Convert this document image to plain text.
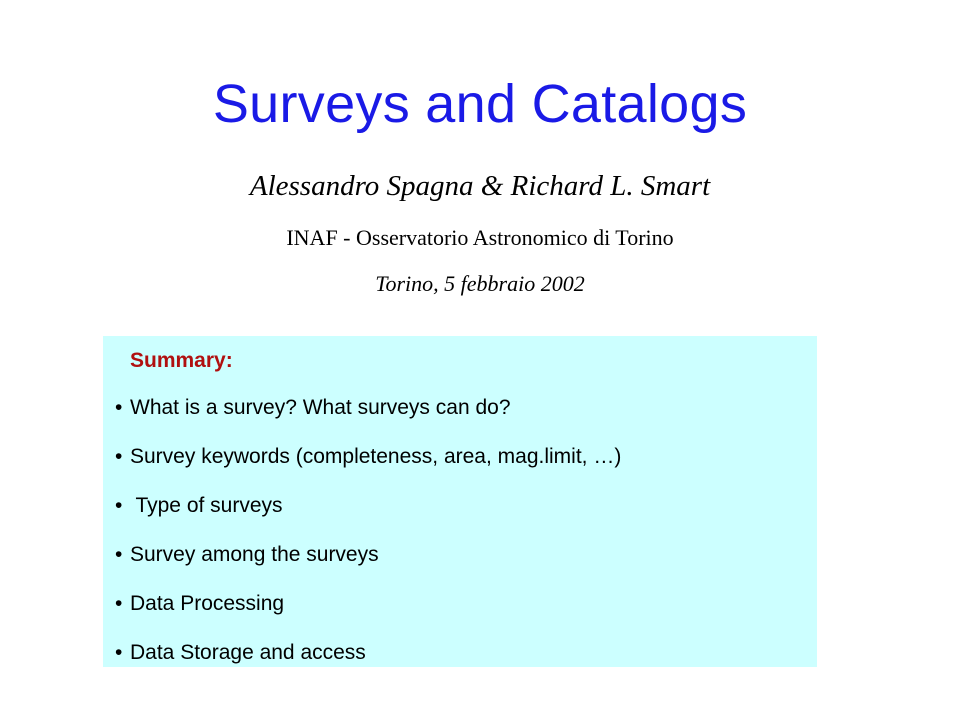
Surveys and Catalogs
Alessandro Spagna & Richard L. Smart
INAF - Osservatorio Astronomico di Torino
Torino, 5 febbraio 2002
Summary:
• What is a survey? What surveys can do?
• Survey keywords (completeness, area, mag.limit, …)
• Type of surveys
• Survey among the surveys
• Data Processing
• Data Storage and access
